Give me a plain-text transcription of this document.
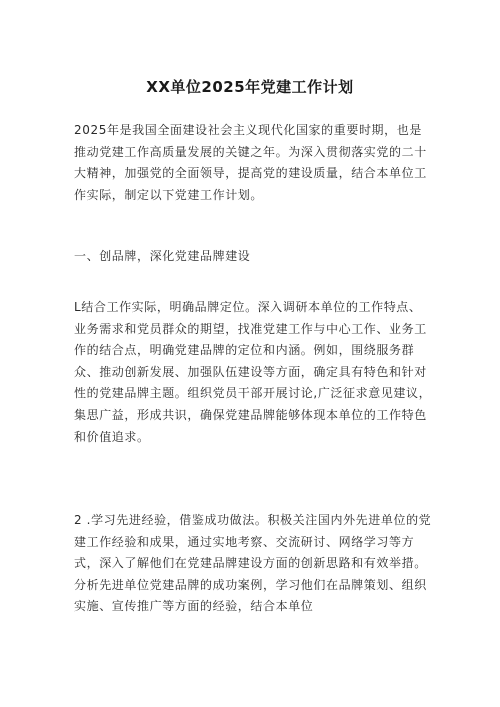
XX单位2025年党建工作计划

2025年是我国全面建设社会主义现代化国家的重要时期，也是推动党建工作高质量发展的关键之年。为深入贯彻落实党的二十大精神，加强党的全面领导，提高党的建设质量，结合本单位工作实际，制定以下党建工作计划。

一、创品牌，深化党建品牌建设

L结合工作实际，明确品牌定位。深入调研本单位的工作特点、业务需求和党员群众的期望，找准党建工作与中心工作、业务工作的结合点，明确党建品牌的定位和内涵。例如，围绕服务群众、推动创新发展、加强队伍建设等方面，确定具有特色和针对性的党建品牌主题。组织党员干部开展讨论,广泛征求意见建议，集思广益，形成共识，确保党建品牌能够体现本单位的工作特色和价值追求。

2 .学习先进经验，借鉴成功做法。积极关注国内外先进单位的党建工作经验和成果，通过实地考察、交流研讨、网络学习等方式，深入了解他们在党建品牌建设方面的创新思路和有效举措。分析先进单位党建品牌的成功案例，学习他们在品牌策划、组织实施、宣传推广等方面的经验，结合本单位
